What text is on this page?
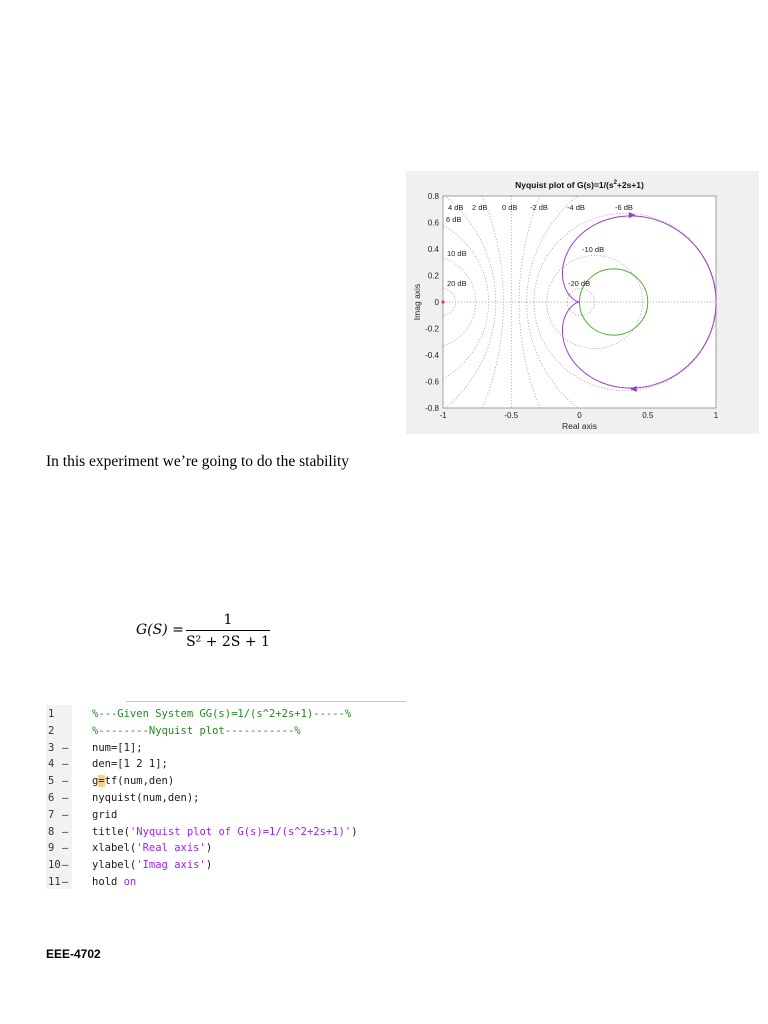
4 dB 2 dB 0 dB -2 dB	-4 dB	-6 dB
6 dB
10 dB
20 dB
-10 dB
-20 dB
-1	-0.5	0	0.5	1
0.8
0.6
0.4
0.2
0
-0.2
-0.4
-0.6
-0.8
Real axis
Imag axis
Nyquist plot of $G(s)=1/(s^2+2s+1)$
In this experiment we’re going to do the stability
G(S) =
1
S² + 2S + 1
1	%---Given System GG(s)=1/(s^2+2s+1)-----%
2	%--------Nyquist plot-----------%
3 – num=[1];
4 – den=[1 2 1];
5 – g=tf(num,den)
6 – nyquist(num,den);
7 – grid
8 – title('Nyquist plot of G(s)=1/(s^2+2s+1)')
9 – xlabel('Real axis')
10 – ylabel('Imag axis')
11 – hold on
EEE-4702
